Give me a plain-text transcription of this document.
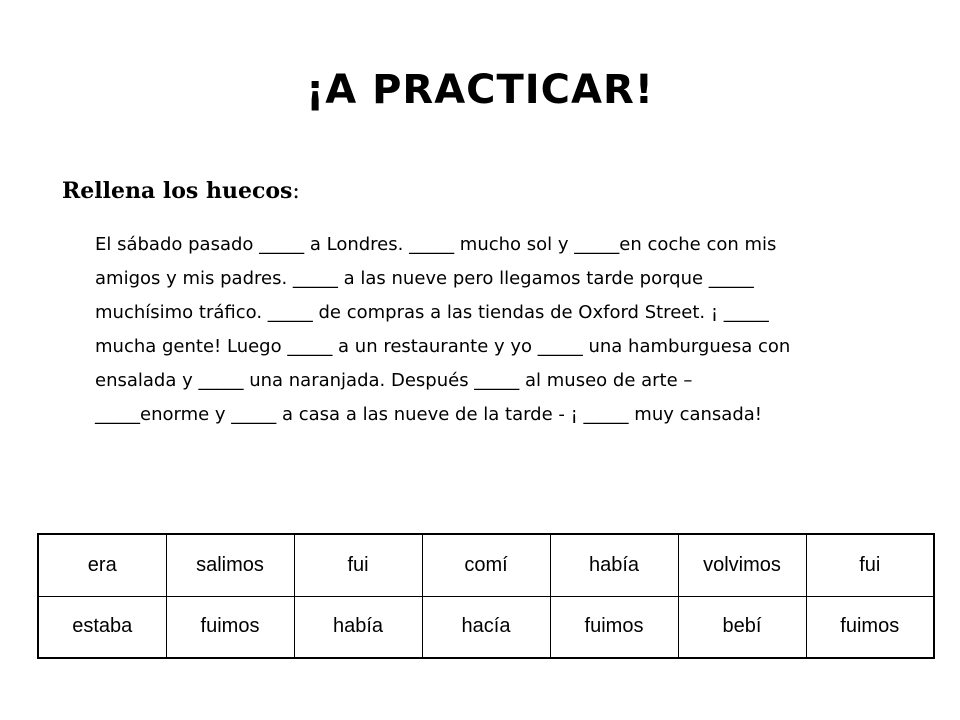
¡A PRACTICAR!
Rellena los huecos:
El sábado pasado _____ a Londres. _____ mucho sol y _____en coche con mis
amigos y mis padres. _____ a las nueve pero llegamos tarde porque _____
muchísimo tráfico. _____ de compras a las tiendas de Oxford Street. ¡ _____
mucha gente! Luego _____ a un restaurante y yo _____ una hamburguesa con
ensalada y _____ una naranjada. Después _____ al museo de arte –
_____enorme y _____ a casa a las nueve de la tarde - ¡ _____ muy cansada!
era	salimos	fui	comí	había	volvimos	fui
estaba	fuimos	había	hacía	fuimos	bebí	fuimos
